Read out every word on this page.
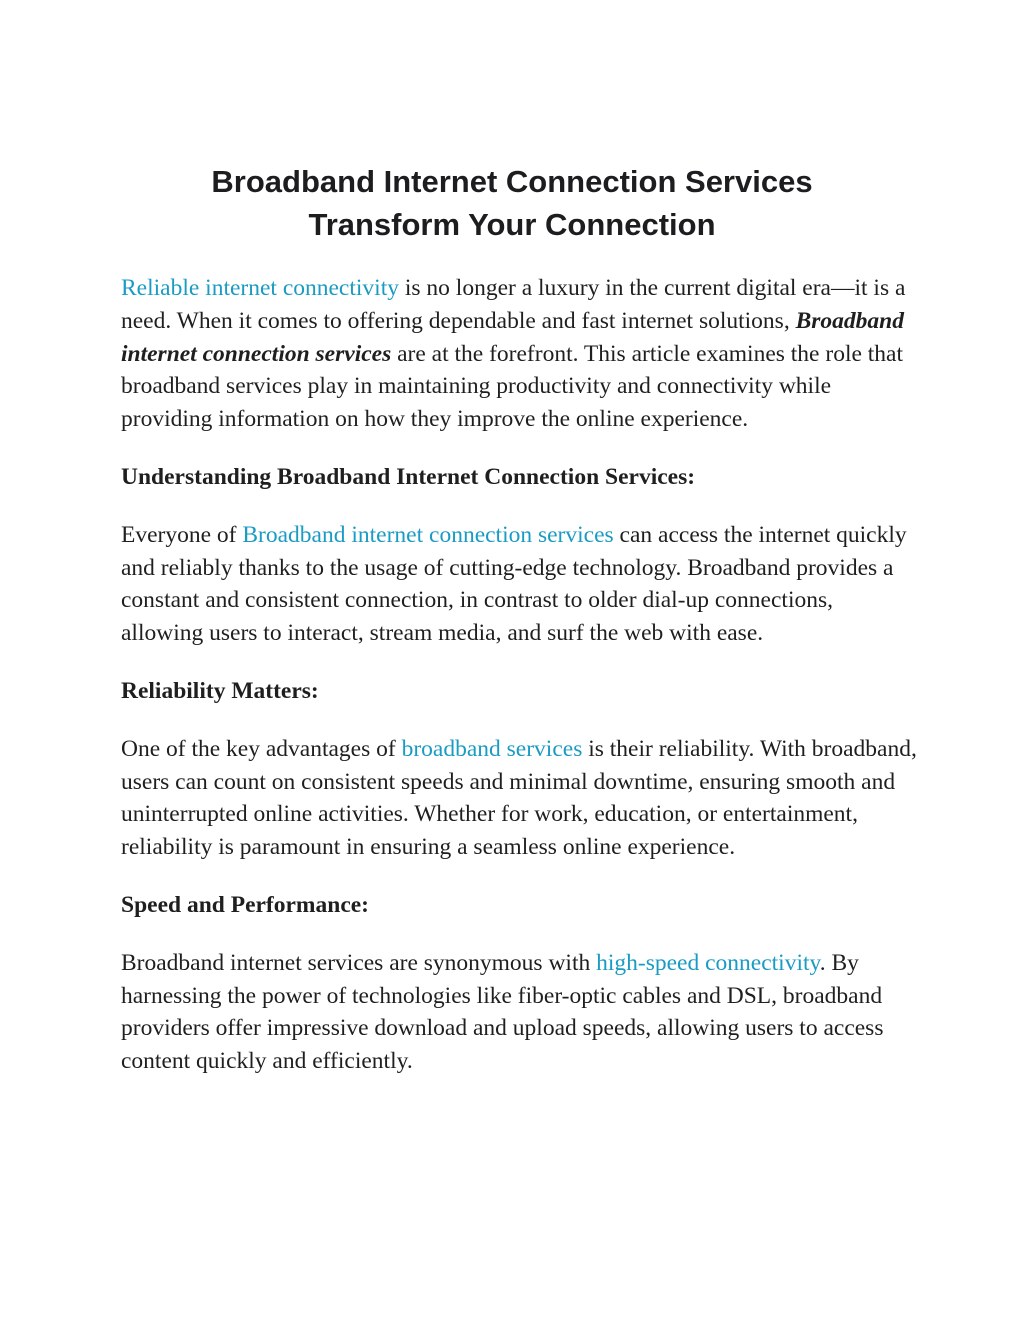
Broadband Internet Connection Services
Transform Your Connection

Reliable internet connectivity is no longer a luxury in the current digital era—it is a need. When it comes to offering dependable and fast internet solutions, Broadband internet connection services are at the forefront. This article examines the role that broadband services play in maintaining productivity and connectivity while providing information on how they improve the online experience.

Understanding Broadband Internet Connection Services:

Everyone of Broadband internet connection services can access the internet quickly and reliably thanks to the usage of cutting-edge technology. Broadband provides a constant and consistent connection, in contrast to older dial-up connections, allowing users to interact, stream media, and surf the web with ease.

Reliability Matters:

One of the key advantages of broadband services is their reliability. With broadband, users can count on consistent speeds and minimal downtime, ensuring smooth and uninterrupted online activities. Whether for work, education, or entertainment, reliability is paramount in ensuring a seamless online experience.

Speed and Performance:

Broadband internet services are synonymous with high-speed connectivity. By harnessing the power of technologies like fiber-optic cables and DSL, broadband providers offer impressive download and upload speeds, allowing users to access content quickly and efficiently.
